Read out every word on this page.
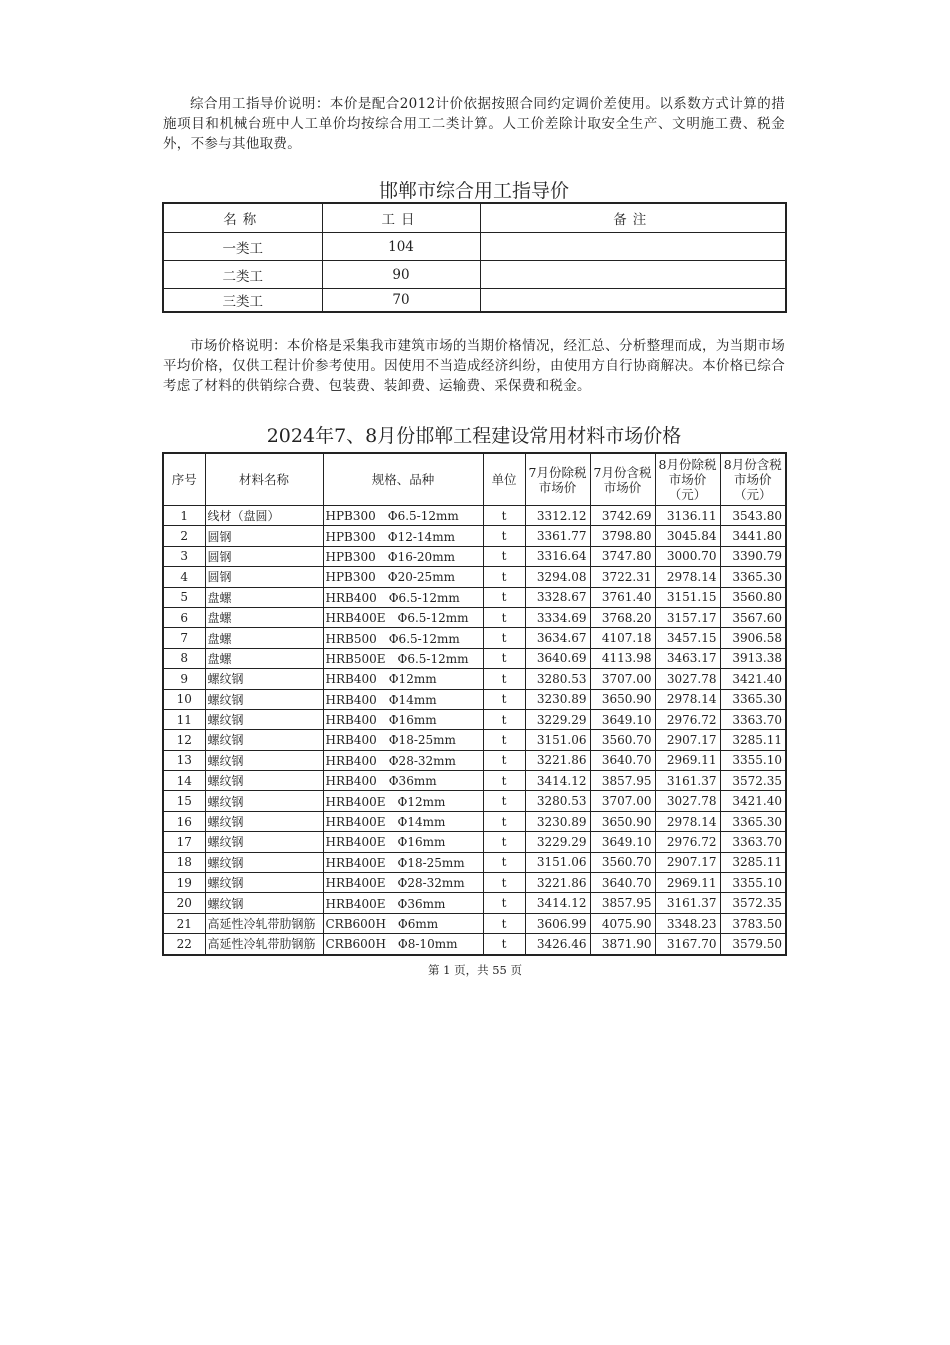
综合用工指导价说明：本价是配合2012计价依据按照合同约定调价差使用。以系数方式计算的措施项目和机械台班中人工单价均按综合用工二类计算。人工价差除计取安全生产、文明施工费、税金外，不参与其他取费。
邯郸市综合用工指导价
名称	工日	备注
一类工	104	
二类工	90	
三类工	70	
市场价格说明：本价格是采集我市建筑市场的当期价格情况，经汇总、分析整理而成，为当期市场平均价格，仅供工程计价参考使用。因使用不当造成经济纠纷，由使用方自行协商解决。本价格已综合考虑了材料的供销综合费、包装费、装卸费、运输费、采保费和税金。
2024年7、8月份邯郸工程建设常用材料市场价格
序号	材料名称	规格、品种	单位	7月份除税市场价	7月份含税市场价	8月份除税市场价（元）	8月份含税市场价（元）
1	线材（盘圆）	HPB300　Φ6.5-12mm	t	3312.12	3742.69	3136.11	3543.80
2	圆钢	HPB300　Φ12-14mm	t	3361.77	3798.80	3045.84	3441.80
3	圆钢	HPB300　Φ16-20mm	t	3316.64	3747.80	3000.70	3390.79
4	圆钢	HPB300　Φ20-25mm	t	3294.08	3722.31	2978.14	3365.30
5	盘螺	HRB400　Φ6.5-12mm	t	3328.67	3761.40	3151.15	3560.80
6	盘螺	HRB400E　Φ6.5-12mm	t	3334.69	3768.20	3157.17	3567.60
7	盘螺	HRB500　Φ6.5-12mm	t	3634.67	4107.18	3457.15	3906.58
8	盘螺	HRB500E　Φ6.5-12mm	t	3640.69	4113.98	3463.17	3913.38
9	螺纹钢	HRB400　Φ12mm	t	3280.53	3707.00	3027.78	3421.40
10	螺纹钢	HRB400　Φ14mm	t	3230.89	3650.90	2978.14	3365.30
11	螺纹钢	HRB400　Φ16mm	t	3229.29	3649.10	2976.72	3363.70
12	螺纹钢	HRB400　Φ18-25mm	t	3151.06	3560.70	2907.17	3285.11
13	螺纹钢	HRB400　Φ28-32mm	t	3221.86	3640.70	2969.11	3355.10
14	螺纹钢	HRB400　Φ36mm	t	3414.12	3857.95	3161.37	3572.35
15	螺纹钢	HRB400E　Φ12mm	t	3280.53	3707.00	3027.78	3421.40
16	螺纹钢	HRB400E　Φ14mm	t	3230.89	3650.90	2978.14	3365.30
17	螺纹钢	HRB400E　Φ16mm	t	3229.29	3649.10	2976.72	3363.70
18	螺纹钢	HRB400E　Φ18-25mm	t	3151.06	3560.70	2907.17	3285.11
19	螺纹钢	HRB400E　Φ28-32mm	t	3221.86	3640.70	2969.11	3355.10
20	螺纹钢	HRB400E　Φ36mm	t	3414.12	3857.95	3161.37	3572.35
21	高延性冷轧带肋钢筋	CRB600H　Φ6mm	t	3606.99	4075.90	3348.23	3783.50
22	高延性冷轧带肋钢筋	CRB600H　Φ8-10mm	t	3426.46	3871.90	3167.70	3579.50
第 1 页，共 55 页
